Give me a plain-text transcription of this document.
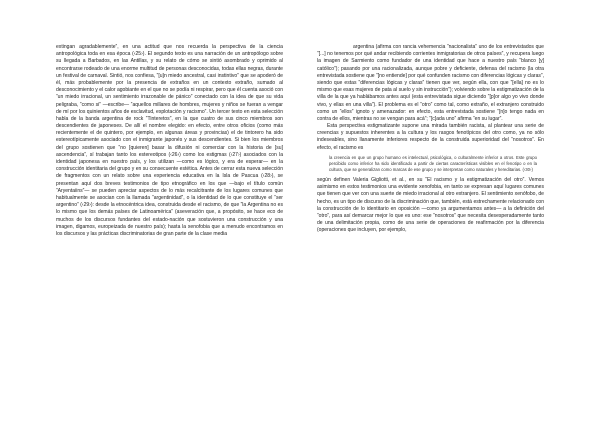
extingan agradablemente”, en una actitud que nos recuerda la perspectiva de la ciencia antropológica toda en esa época (‹25›). El segundo texto es una narración de un antropólogo sobre su llegada a Barbados, en las Antillas, y su relato de cómo se sintió asombrado y oprimido al encontrarse rodeado de una enorme multitud de personas desconocidas, todas ellas negras, durante un festival de carnaval. Sintió, nos confiesa, “[u]n miedo ancestral, casi instintivo” que se apoderó de él, más probablemente por la presencia de extraños en un contexto extraño, sumado al desconocimiento y el calor agobiante en el que no se podía ni respirar, pero que él cuenta asoció con “un miedo irracional, un sentimiento irrazonable de pánico” conectado con la idea de que su vida peligraba, “como si” —escribe— “aquellos millares de hombres, mujeres y niños se fueran a vengar de mí por los quinientos años de esclavitud, explotación y racismo”. Un tercer texto en esta selección habla de la banda argentina de rock “Tinteretos”, en la que cuatro de sus cinco miembros son descendientes de japoneses. De allí el nombre elegido: en efecto, entre otros oficios (como más recientemente el de quintero, por ejemplo, en algunas áreas y provincias) el de tintorero ha sido estereotípicamente asociado con el inmigrante japonés y sus descendientes. Si bien los miembros del grupo sostienen que “no [quieren] basar la difusión ni comerciar con la historia de [su] ascendencia”, sí trabajan tanto los estereotipos (‹26›) como los estigmas (‹27›) asociados con la identidad japonesa en nuestro país, y los utilizan —como es lógico, y era de esperar— en la construcción identitaria del grupo y en su consecuente estética. Antes de cerrar esta nueva selección de fragmentos con un relato sobre una experiencia educativa en la Isla de Pascua (‹28›), se presentan aquí dos breves testimonios de tipo etnográfico en los que —bajo el título común “Aryentaiins”— se pueden apreciar aspectos de lo más recalcitrante de los lugares comunes que habitualmente se asocian con la llamada “argentinidad”, o la identidad de lo que constituye el “ser argentino” (‹29›): desde la etnocéntrica idea, construida desde el racismo, de que “la Argentina no es lo mismo que los demás países de Latinoamérica” (aseveración que, a propósito, se hace eco de muchos de los discursos fundantes del estado-nación que sostuvieron una construcción y una imagen, digamos, europeizada de nuestro país); hasta la xenofobia que a menudo encontramos en los discursos y las prácticas discriminatorias de gran parte de la clase media

argentina (afirma con rancia vehemencia “nacionalista” uno de los entrevistados que “[...] no tenemos por qué andar recibiendo corrientes inmigratorias de otros países”, y recupera luego la imagen de Sarmiento como fundador de una identidad que hace a nuestro país “blanco [y] católico”); pasando por una racionalizada, aunque pobre y deficiente, defensa del racismo (la otra entrevistada sostiene que “[no entiende] por qué confunden racismo con diferencias lógicas y claras”, siendo que estas “diferencias lógicas y claras” tienen que ver, según ella, con que “[ella] no es lo mismo que esas mujeres de pata al suelo y sin instrucción”); volviendo sobre la estigmatización de la villa de la que ya hablábamos antes aquí (esta entrevistada sigue diciendo “[p]or algo yo vivo donde vivo, y ellas en una villa”). El problema es el “otro” como tal, como extraño, el extranjero construido como un “ellos” ignoto y amenazador: en efecto, esta entrevistada sostiene “[n]o tengo nada en contra de ellos, mientras no se vengan para acá”; “[c]ada uno” afirma “en su lugar”.

Esta perspectiva estigmatizante supone una mirada también racista, al plantear una serie de creencias y supuestos inherentes a la cultura y los rasgos fenotípicos del otro como, ya no sólo indeseables, sino llanamente inferiores respecto de la construida superioridad del “nosotros”. En efecto, el racismo es

la creencia en que un grupo humano es intelectual, psicológica, o culturalmente inferior a otros. Este grupo percibido como inferior ha sido identificado a partir de ciertas características visibles en el fenotipo o en la cultura, que se generalizan como marcas de ese grupo y se interpretan como naturales y hereditarias. (‹30›)

según definen Valeria Gigliotti, et al., en su “El racismo y la estigmatización del otro”. Vemos asimismo en estos testimonios una evidente xenofobia, en tanto se expresan aquí lugares comunes que tienen que ver con una suerte de miedo irracional al otro extranjero. El sentimiento xenófobo, de hecho, es un tipo de discurso de la discriminación que, también, está estrechamente relacionado con la construcción de lo identitario en oposición —como ya argumentamos antes— a la definición del “otro”, para así demarcar mejor lo que es uno: ese “nosotros” que necesita desesperadamente tanto de una delimitación propia, como de una serie de operaciones de reafirmación por la diferencia (operaciones que incluyen, por ejemplo,
